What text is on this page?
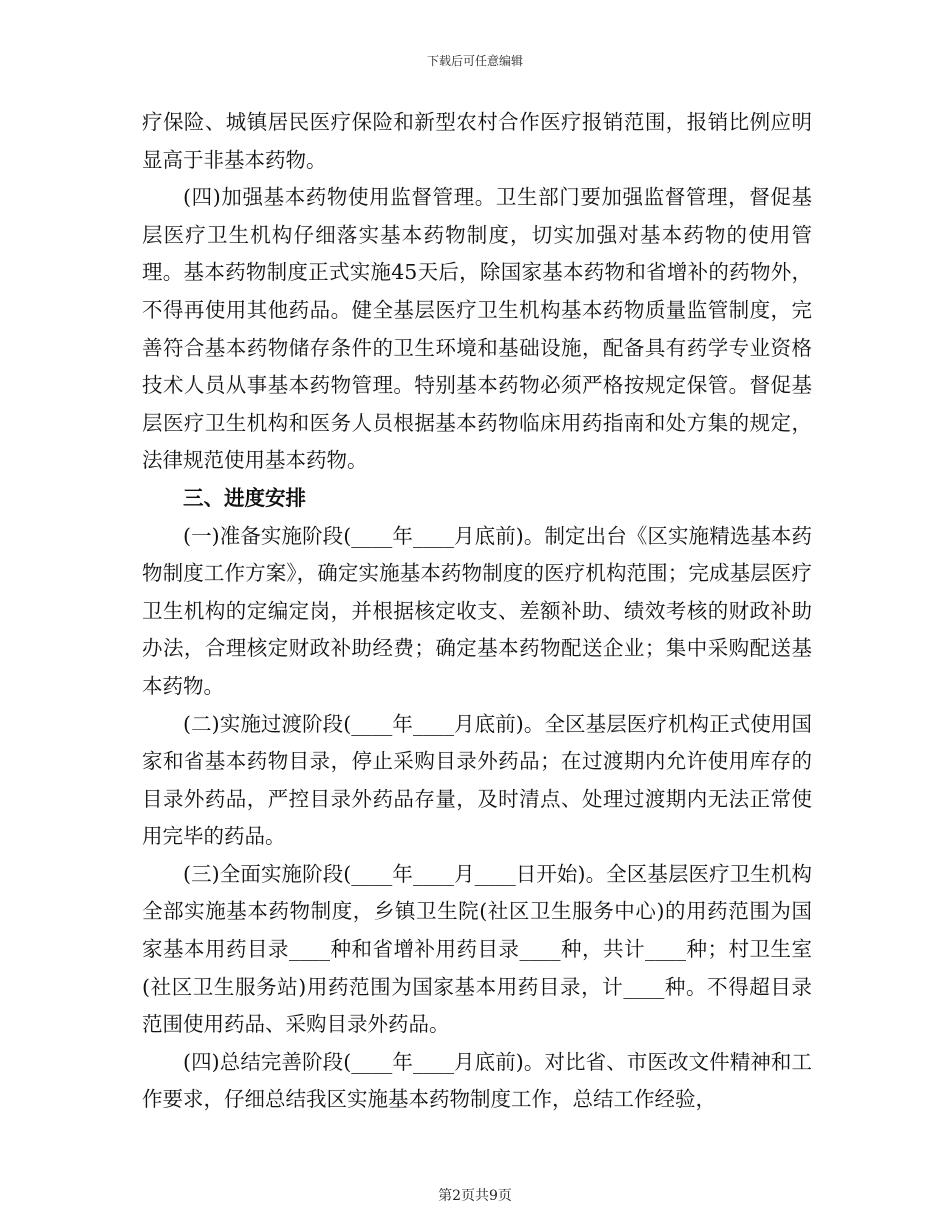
下载后可任意编辑

疗保险、城镇居民医疗保险和新型农村合作医疗报销范围，报销比例应明显高于非基本药物。

(四)加强基本药物使用监督管理。卫生部门要加强监督管理，督促基层医疗卫生机构仔细落实基本药物制度，切实加强对基本药物的使用管理。基本药物制度正式实施45天后，除国家基本药物和省增补的药物外，不得再使用其他药品。健全基层医疗卫生机构基本药物质量监管制度，完善符合基本药物储存条件的卫生环境和基础设施，配备具有药学专业资格技术人员从事基本药物管理。特别基本药物必须严格按规定保管。督促基层医疗卫生机构和医务人员根据基本药物临床用药指南和处方集的规定，法律规范使用基本药物。

三、进度安排

(一)准备实施阶段(____年____月底前)。制定出台《区实施精选基本药物制度工作方案》，确定实施基本药物制度的医疗机构范围；完成基层医疗卫生机构的定编定岗，并根据核定收支、差额补助、绩效考核的财政补助办法，合理核定财政补助经费；确定基本药物配送企业；集中采购配送基本药物。

(二)实施过渡阶段(____年____月底前)。全区基层医疗机构正式使用国家和省基本药物目录，停止采购目录外药品；在过渡期内允许使用库存的目录外药品，严控目录外药品存量，及时清点、处理过渡期内无法正常使用完毕的药品。

(三)全面实施阶段(____年____月____日开始)。全区基层医疗卫生机构全部实施基本药物制度，乡镇卫生院(社区卫生服务中心)的用药范围为国家基本用药目录____种和省增补用药目录____种，共计____种；村卫生室(社区卫生服务站)用药范围为国家基本用药目录，计____种。不得超目录范围使用药品、采购目录外药品。

(四)总结完善阶段(____年____月底前)。对比省、市医改文件精神和工作要求，仔细总结我区实施基本药物制度工作，总结工作经验，

第2页共9页
